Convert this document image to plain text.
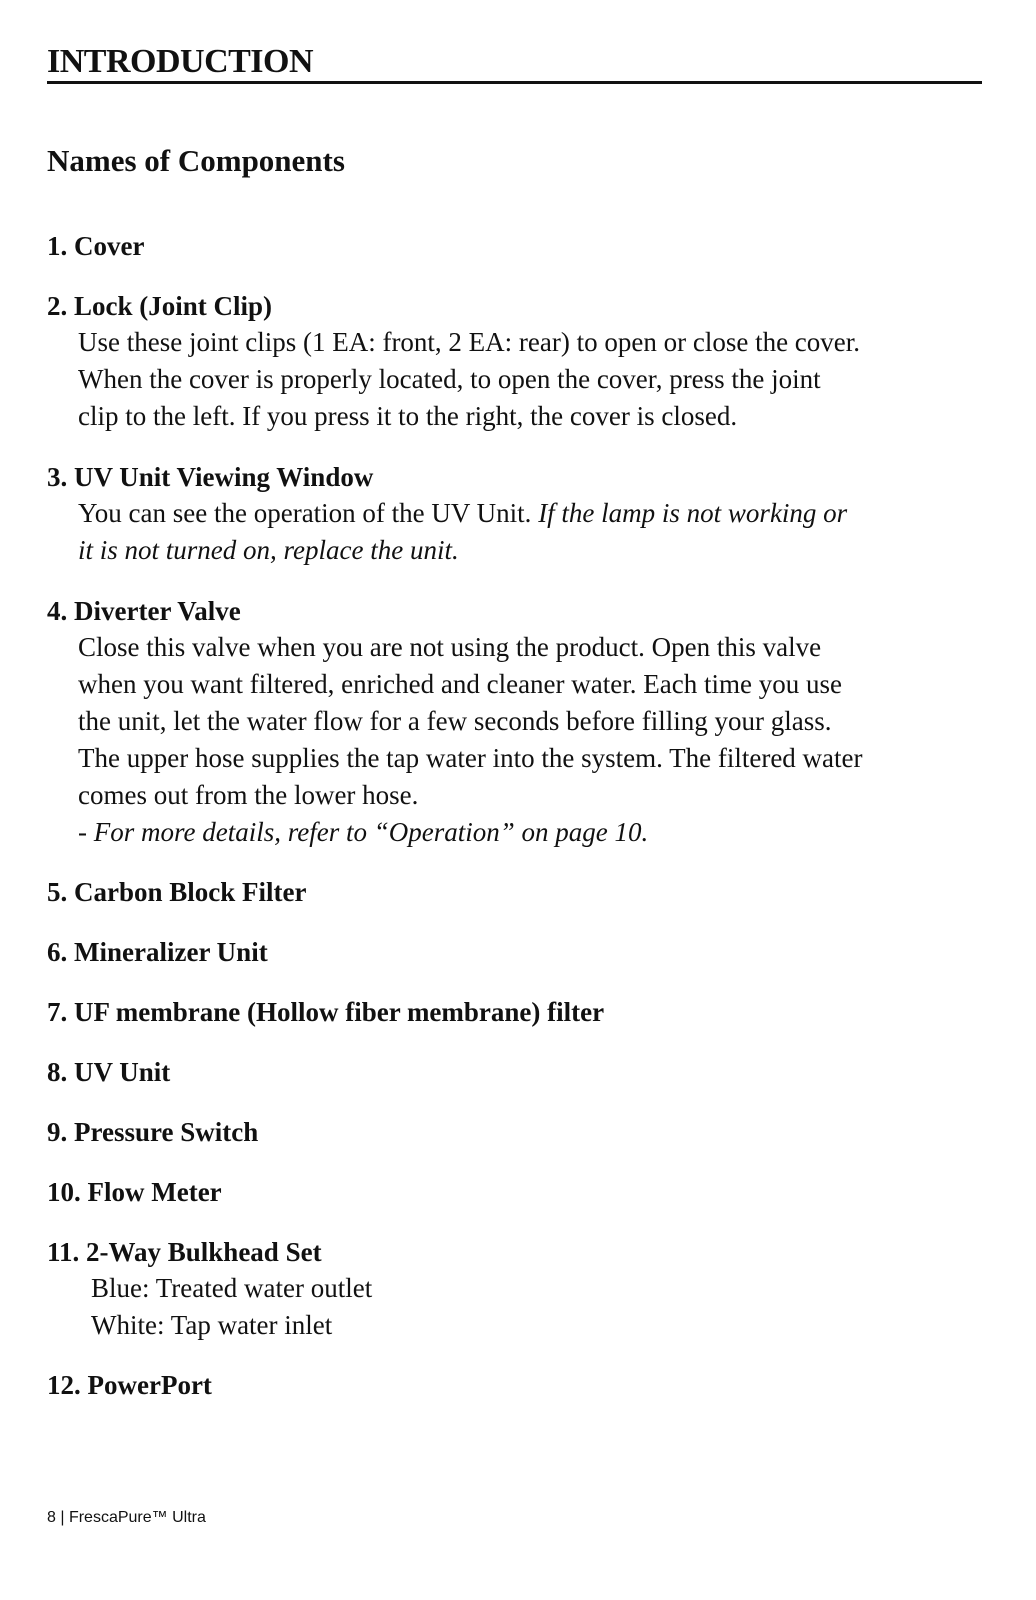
INTRODUCTION
Names of Components
1. Cover
2. Lock (Joint Clip)
Use these joint clips (1 EA: front, 2 EA: rear) to open or close the cover.
When the cover is properly located, to open the cover, press the joint
clip to the left. If you press it to the right, the cover is closed.
3. UV Unit Viewing Window
You can see the operation of the UV Unit. If the lamp is not working or
it is not turned on, replace the unit.
4. Diverter Valve
Close this valve when you are not using the product. Open this valve
when you want filtered, enriched and cleaner water. Each time you use
the unit, let the water flow for a few seconds before filling your glass.
The upper hose supplies the tap water into the system. The filtered water
comes out from the lower hose.
- For more details, refer to “Operation” on page 10.
5. Carbon Block Filter
6. Mineralizer Unit
7. UF membrane (Hollow fiber membrane) filter
8. UV Unit
9. Pressure Switch
10. Flow Meter
11. 2-Way Bulkhead Set
Blue: Treated water outlet
White: Tap water inlet
12. PowerPort
8 | FrescaPure™ Ultra
